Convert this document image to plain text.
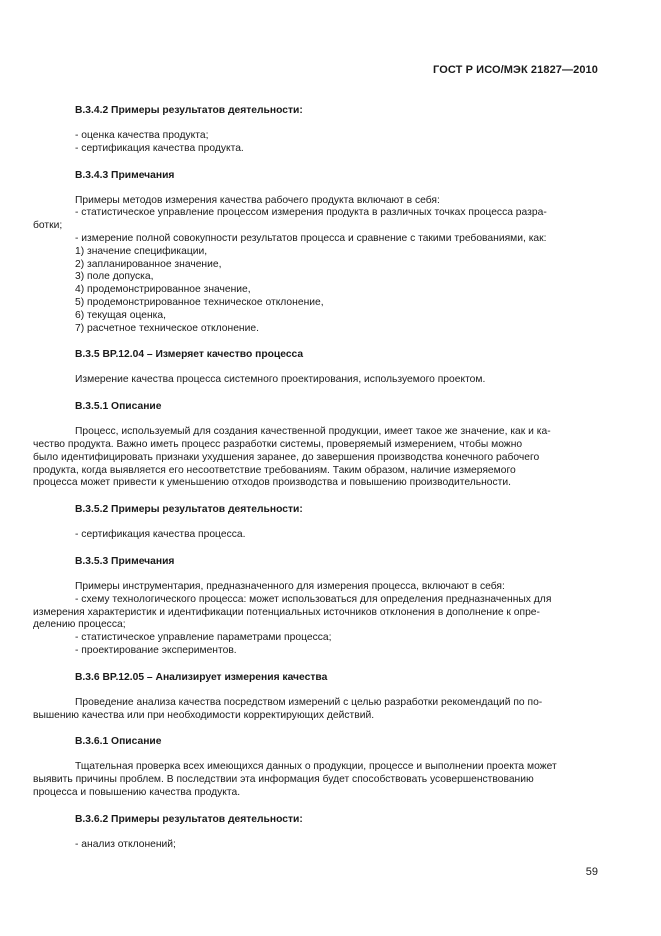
ГОСТ Р ИСО/МЭК 21827—2010

B.3.4.2 Примеры результатов деятельности:

- оценка качества продукта;

- сертификация качества продукта.

B.3.4.3 Примечания

Примеры методов измерения качества рабочего продукта включают в себя:

- статистическое управление процессом измерения продукта в различных точках процесса разра-

ботки;

- измерение полной совокупности результатов процесса и сравнение с такими требованиями, как:

1) значение спецификации,

2) запланированное значение,

3) поле допуска,

4) продемонстрированное значение,

5) продемонстрированное техническое отклонение,

6) текущая оценка,

7) расчетное техническое отклонение.

B.3.5 BP.12.04 – Измеряет качество процесса

Измерение качества процесса системного проектирования, используемого проектом.

B.3.5.1 Описание

Процесс, используемый для создания качественной продукции, имеет такое же значение, как и ка-

чество продукта. Важно иметь процесс разработки системы, проверяемый измерением, чтобы можно

было идентифицировать признаки ухудшения заранее, до завершения производства конечного рабочего

продукта, когда выявляется его несоответствие требованиям. Таким образом, наличие измеряемого

процесса может привести к уменьшению отходов производства и повышению производительности.

B.3.5.2 Примеры результатов деятельности:

- сертификация качества процесса.

B.3.5.3 Примечания

Примеры инструментария, предназначенного для измерения процесса, включают в себя:

- схему технологического процесса: может использоваться для определения предназначенных для

измерения характеристик и идентификации потенциальных источников отклонения в дополнение к опре-

делению процесса;

- статистическое управление параметрами процесса;

- проектирование экспериментов.

B.3.6 BP.12.05 – Анализирует измерения качества

Проведение анализа качества посредством измерений с целью разработки рекомендаций по по-

вышению качества или при необходимости корректирующих действий.

B.3.6.1 Описание

Тщательная проверка всех имеющихся данных о продукции, процессе и выполнении проекта может

выявить причины проблем. В последствии эта информация будет способствовать усовершенствованию

процесса и повышению качества продукта.

B.3.6.2 Примеры результатов деятельности:

- анализ отклонений;

59
